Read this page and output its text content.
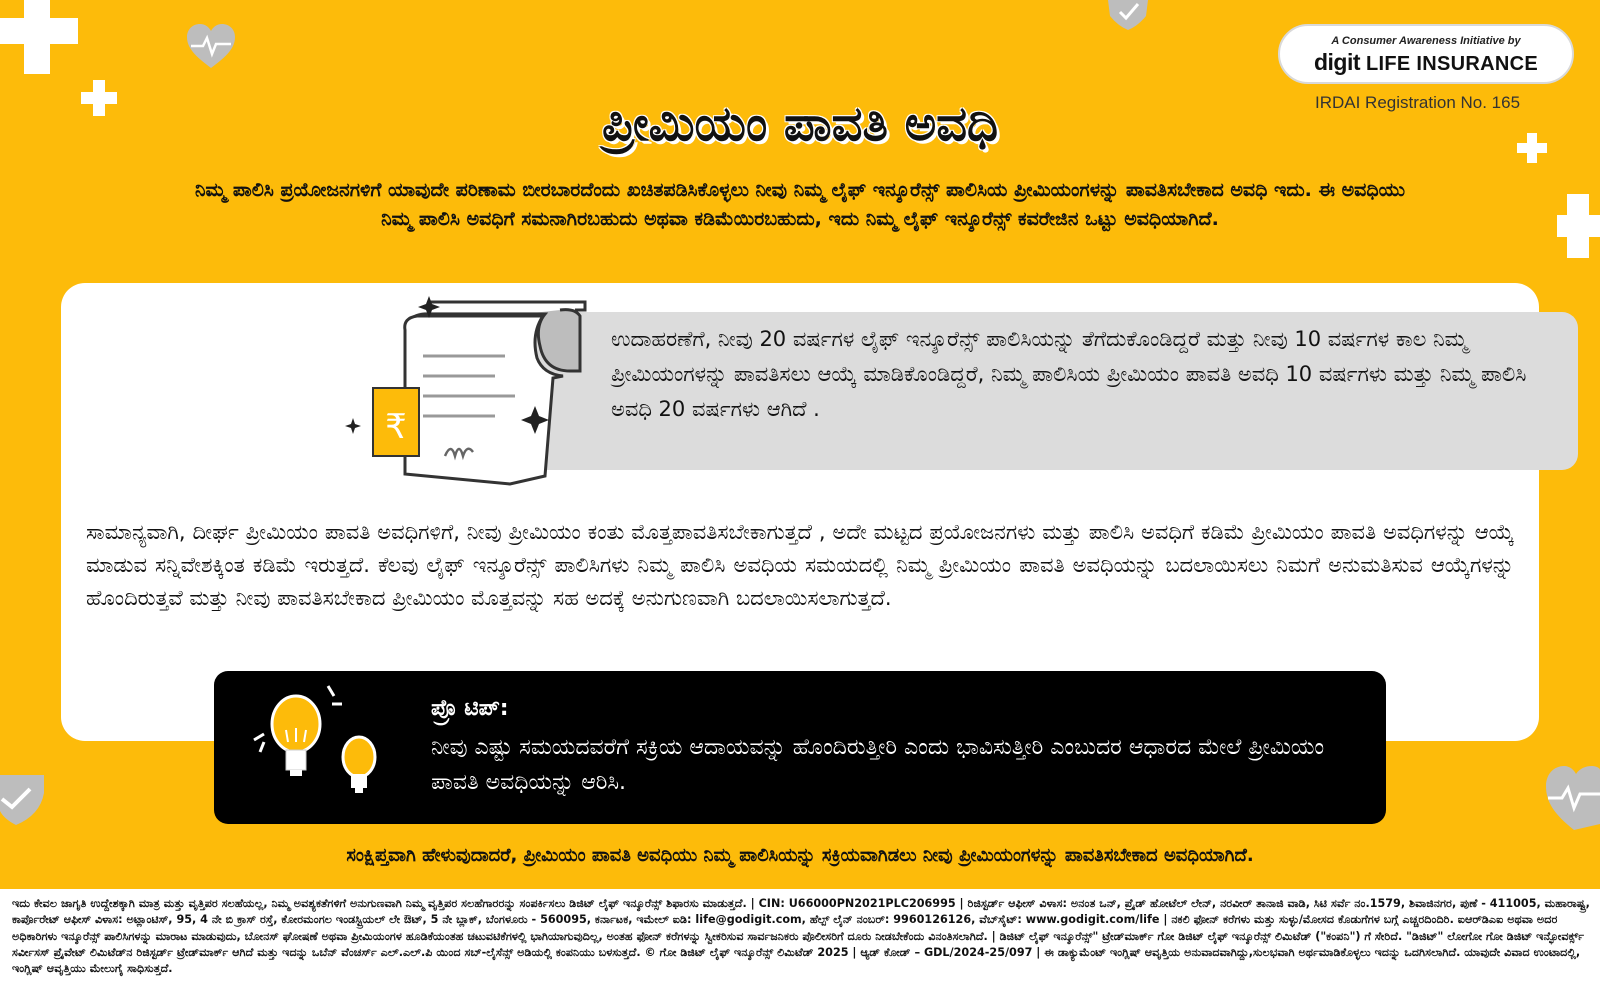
A Consumer Awareness Initiative by
digit LIFE INSURANCE
IRDAI Registration No. 165
ಪ್ರೀಮಿಯಂ ಪಾವತಿ ಅವಧಿ
ನಿಮ್ಮ ಪಾಲಿಸಿ ಪ್ರಯೋಜನಗಳಿಗೆ ಯಾವುದೇ ಪರಿಣಾಮ ಬೀರಬಾರದೆಂದು ಖಚಿತಪಡಿಸಿಕೊಳ್ಳಲು ನೀವು ನಿಮ್ಮ ಲೈಫ್ ಇನ್ಶೂರೆನ್ಸ್ ಪಾಲಿಸಿಯ ಪ್ರೀಮಿಯಂಗಳನ್ನು ಪಾವತಿಸಬೇಕಾದ ಅವಧಿ ಇದು. ಈ ಅವಧಿಯು ನಿಮ್ಮ ಪಾಲಿಸಿ ಅವಧಿಗೆ ಸಮನಾಗಿರಬಹುದು ಅಥವಾ ಕಡಿಮೆಯಿರಬಹುದು, ಇದು ನಿಮ್ಮ ಲೈಫ್ ಇನ್ಶೂರೆನ್ಸ್ ಕವರೇಜಿನ ಒಟ್ಟು ಅವಧಿಯಾಗಿದೆ.
₹
ಉದಾಹರಣೆಗೆ, ನೀವು 20 ವರ್ಷಗಳ ಲೈಫ್ ಇನ್ಶೂರೆನ್ಸ್ ಪಾಲಿಸಿಯನ್ನು ತೆಗೆದುಕೊಂಡಿದ್ದರೆ ಮತ್ತು ನೀವು 10 ವರ್ಷಗಳ ಕಾಲ ನಿಮ್ಮ ಪ್ರೀಮಿಯಂಗಳನ್ನು ಪಾವತಿಸಲು ಆಯ್ಕೆ ಮಾಡಿಕೊಂಡಿದ್ದರೆ, ನಿಮ್ಮ ಪಾಲಿಸಿಯ ಪ್ರೀಮಿಯಂ ಪಾವತಿ ಅವಧಿ 10 ವರ್ಷಗಳು ಮತ್ತು ನಿಮ್ಮ ಪಾಲಿಸಿ ಅವಧಿ 20 ವರ್ಷಗಳು ಆಗಿದೆ .
ಸಾಮಾನ್ಯವಾಗಿ, ದೀರ್ಘ ಪ್ರೀಮಿಯಂ ಪಾವತಿ ಅವಧಿಗಳಿಗೆ, ನೀವು ಪ್ರೀಮಿಯಂ ಕಂತು ಮೊತ್ತಪಾವತಿಸಬೇಕಾಗುತ್ತದೆ , ಅದೇ ಮಟ್ಟದ ಪ್ರಯೋಜನಗಳು ಮತ್ತು ಪಾಲಿಸಿ ಅವಧಿಗೆ ಕಡಿಮೆ ಪ್ರೀಮಿಯಂ ಪಾವತಿ ಅವಧಿಗಳನ್ನು ಆಯ್ಕೆ ಮಾಡುವ ಸನ್ನಿವೇಶಕ್ಕಿಂತ ಕಡಿಮೆ ಇರುತ್ತದೆ. ಕೆಲವು ಲೈಫ್ ಇನ್ಶೂರೆನ್ಸ್ ಪಾಲಿಸಿಗಳು ನಿಮ್ಮ ಪಾಲಿಸಿ ಅವಧಿಯ ಸಮಯದಲ್ಲಿ ನಿಮ್ಮ ಪ್ರೀಮಿಯಂ ಪಾವತಿ ಅವಧಿಯನ್ನು ಬದಲಾಯಿಸಲು ನಿಮಗೆ ಅನುಮತಿಸುವ ಆಯ್ಕೆಗಳನ್ನು ಹೊಂದಿರುತ್ತವೆ ಮತ್ತು ನೀವು ಪಾವತಿಸಬೇಕಾದ ಪ್ರೀಮಿಯಂ ಮೊತ್ತವನ್ನು ಸಹ ಅದಕ್ಕೆ ಅನುಗುಣವಾಗಿ ಬದಲಾಯಿಸಲಾಗುತ್ತದೆ.
ಪ್ರೊ ಟಿಪ್:
ನೀವು ಎಷ್ಟು ಸಮಯದವರೆಗೆ ಸಕ್ರಿಯ ಆದಾಯವನ್ನು ಹೊಂದಿರುತ್ತೀರಿ ಎಂದು ಭಾವಿಸುತ್ತೀರಿ ಎಂಬುದರ ಆಧಾರದ ಮೇಲೆ ಪ್ರೀಮಿಯಂ ಪಾವತಿ ಅವಧಿಯನ್ನು ಆರಿಸಿ.
ಸಂಕ್ಷಿಪ್ತವಾಗಿ ಹೇಳುವುದಾದರೆ, ಪ್ರೀಮಿಯಂ ಪಾವತಿ ಅವಧಿಯು ನಿಮ್ಮ ಪಾಲಿಸಿಯನ್ನು ಸಕ್ರಿಯವಾಗಿಡಲು ನೀವು ಪ್ರೀಮಿಯಂಗಳನ್ನು ಪಾವತಿಸಬೇಕಾದ ಅವಧಿಯಾಗಿದೆ.
ಇದು ಕೇವಲ ಜಾಗೃತಿ ಉದ್ದೇಶಕ್ಕಾಗಿ ಮಾತ್ರ ಮತ್ತು ವೃತ್ತಿಪರ ಸಲಹೆಯಲ್ಲ, ನಿಮ್ಮ ಅವಶ್ಯಕತೆಗಳಿಗೆ ಅನುಗುಣವಾಗಿ ನಿಮ್ಮ ವೃತ್ತಿಪರ ಸಲಹೆಗಾರರನ್ನು ಸಂಪರ್ಕಿಸಲು ಡಿಜಿಟ್ ಲೈಫ್ ಇನ್ಶೂರೆನ್ಸ್ ಶಿಫಾರಸು ಮಾಡುತ್ತದೆ. | CIN: U66000PN2021PLC206995 | ರಿಜಿಸ್ಟರ್ಡ್ ಆಫೀಸ್ ವಿಳಾಸ: ಅನಂತ ಒನ್, ಪ್ರೈಡ್ ಹೋಟೆಲ್ ಲೇನ್, ನರವೀರ್ ತಾನಾಜಿ ವಾಡಿ, ಸಿಟಿ ಸರ್ವೆ ನಂ.1579, ಶಿವಾಜಿನಗರ, ಪುಣೆ - 411005, ಮಹಾರಾಷ್ಟ್ರ, ಕಾರ್ಪೊರೇಟ್ ಆಫೀಸ್ ವಿಳಾಸ: ಅಟ್ಲಾಂಟಿಸ್, 95, 4 ನೇ ಬಿ ಕ್ರಾಸ್ ರಸ್ತೆ, ಕೋರಮಂಗಲ ಇಂಡಸ್ಟ್ರಿಯಲ್ ಲೇ ಔಟ್, 5 ನೇ ಬ್ಲಾಕ್, ಬೆಂಗಳೂರು - 560095, ಕರ್ನಾಟಕ, ಇಮೇಲ್ ಐಡಿ: life@godigit.com, ಹೆಲ್ಪ್ ಲೈನ್ ನಂಬರ್: 9960126126, ವೆಬ್‌ಸೈಟ್: www.godigit.com/life | ನಕಲಿ ಫೋನ್ ಕರೆಗಳು ಮತ್ತು ಸುಳ್ಳು/ಮೋಸದ ಕೊಡುಗೆಗಳ ಬಗ್ಗೆ ಎಚ್ಚರದಿಂದಿರಿ. ಐಆರ್‌ಡಿಎಐ ಅಥವಾ ಅದರ ಅಧಿಕಾರಿಗಳು ಇನ್ಶೂರೆನ್ಸ್ ಪಾಲಿಸಿಗಳನ್ನು ಮಾರಾಟ ಮಾಡುವುದು, ಬೋನಸ್ ಘೋಷಣೆ ಅಥವಾ ಪ್ರೀಮಿಯಂಗಳ ಹೂಡಿಕೆಯಂತಹ ಚಟುವಟಿಕೆಗಳಲ್ಲಿ ಭಾಗಿಯಾಗುವುದಿಲ್ಲ, ಅಂತಹ ಫೋನ್ ಕರೆಗಳನ್ನು ಸ್ವೀಕರಿಸುವ ಸಾರ್ವಜನಿಕರು ಪೊಲೀಸರಿಗೆ ದೂರು ನೀಡಬೇಕೆಂದು ವಿನಂತಿಸಲಾಗಿದೆ. | ಡಿಜಿಟ್ ಲೈಫ್ ಇನ್ಶೂರೆನ್ಸ್" ಟ್ರೇಡ್‌ಮಾರ್ಕ್ ಗೋ ಡಿಜಿಟ್ ಲೈಫ್ ಇನ್ಶೂರೆನ್ಸ್ ಲಿಮಿಟೆಡ್ ("ಕಂಪನಿ") ಗೆ ಸೇರಿದೆ. "ಡಿಜಿಟ್" ಲೋಗೋ ಗೋ ಡಿಜಿಟ್ ಇನ್ಫೋವರ್ಕ್ಸ್ ಸರ್ವೀಸಸ್ ಪ್ರೈವೇಟ್ ಲಿಮಿಟೆಡ್‌ನ ರಿಜಿಸ್ಟರ್ಡ್ ಟ್ರೇಡ್‌ಮಾರ್ಕ್ ಆಗಿದೆ ಮತ್ತು ಇದನ್ನು ಒಬೆನ್ ವೆಂಚರ್ಸ್ ಎಲ್.ಎಲ್.ಪಿ ಯಿಂದ ಸಬ್-ಲೈಸೆನ್ಸ್ ಅಡಿಯಲ್ಲಿ ಕಂಪನಿಯು ಬಳಸುತ್ತದೆ. © ಗೋ ಡಿಜಿಟ್ ಲೈಫ್ ಇನ್ಶೂರೆನ್ಸ್ ಲಿಮಿಟೆಡ್ 2025 | ಆ್ಯಡ್ ಕೋಡ್ – GDL/2024-25/097 | ಈ ಡಾಕ್ಯುಮೆಂಟ್ ಇಂಗ್ಲಿಷ್ ಆವೃತ್ತಿಯ ಅನುವಾದವಾಗಿದ್ದು,ಸುಲಭವಾಗಿ ಅರ್ಥಮಾಡಿಕೊಳ್ಳಲು ಇದನ್ನು ಒದಗಿಸಲಾಗಿದೆ. ಯಾವುದೇ ವಿವಾದ ಉಂಟಾದಲ್ಲಿ, ಇಂಗ್ಲಿಷ್ ಆವೃತ್ತಿಯು ಮೇಲುಗೈ ಸಾಧಿಸುತ್ತದೆ.
